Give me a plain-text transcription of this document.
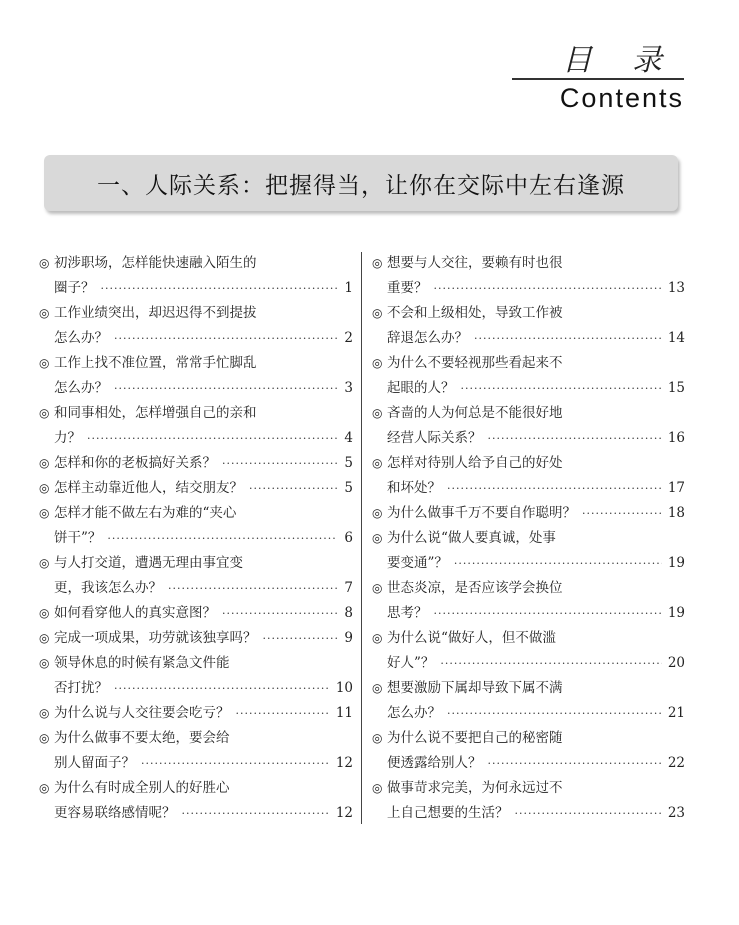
目录
Contents
一、人际关系：把握得当，让你在交际中左右逢源
◎ 初涉职场，怎样能快速融入陌生的
圈子？ ·····	1
◎ 工作业绩突出，却迟迟得不到提拔
怎么办？ ·····	2
◎ 工作上找不准位置，常常手忙脚乱
怎么办？ ·····	3
◎ 和同事相处，怎样增强自己的亲和
力？ ·····	4
◎ 怎样和你的老板搞好关系？ ·····	5
◎ 怎样主动靠近他人，结交朋友？ ·····	5
◎ 怎样才能不做左右为难的“夹心
饼干”？ ·····	6
◎ 与人打交道，遭遇无理由事宜变
更，我该怎么办？ ·····	7
◎ 如何看穿他人的真实意图？ ·····	8
◎ 完成一项成果，功劳就该独享吗？ ·····	9
◎ 领导休息的时候有紧急文件能
否打扰？ ·····	10
◎ 为什么说与人交往要会吃亏？ ·····	11
◎ 为什么做事不要太绝，要会给
别人留面子？ ·····	12
◎ 为什么有时成全别人的好胜心
更容易联络感情呢？ ·····	12
◎ 想要与人交往，要赖有时也很
重要？ ·····	13
◎ 不会和上级相处，导致工作被
辞退怎么办？ ·····	14
◎ 为什么不要轻视那些看起来不
起眼的人？ ·····	15
◎ 吝啬的人为何总是不能很好地
经营人际关系？ ·····	16
◎ 怎样对待别人给予自己的好处
和坏处？ ·····	17
◎ 为什么做事千万不要自作聪明？ ·····	18
◎ 为什么说“做人要真诚，处事
要变通”？ ·····	19
◎ 世态炎凉，是否应该学会换位
思考？ ·····	19
◎ 为什么说“做好人，但不做滥
好人”？ ·····	20
◎ 想要激励下属却导致下属不满
怎么办？ ·····	21
◎ 为什么说不要把自己的秘密随
便透露给别人？ ·····	22
◎ 做事苛求完美，为何永远过不
上自己想要的生活？ ·····	23
